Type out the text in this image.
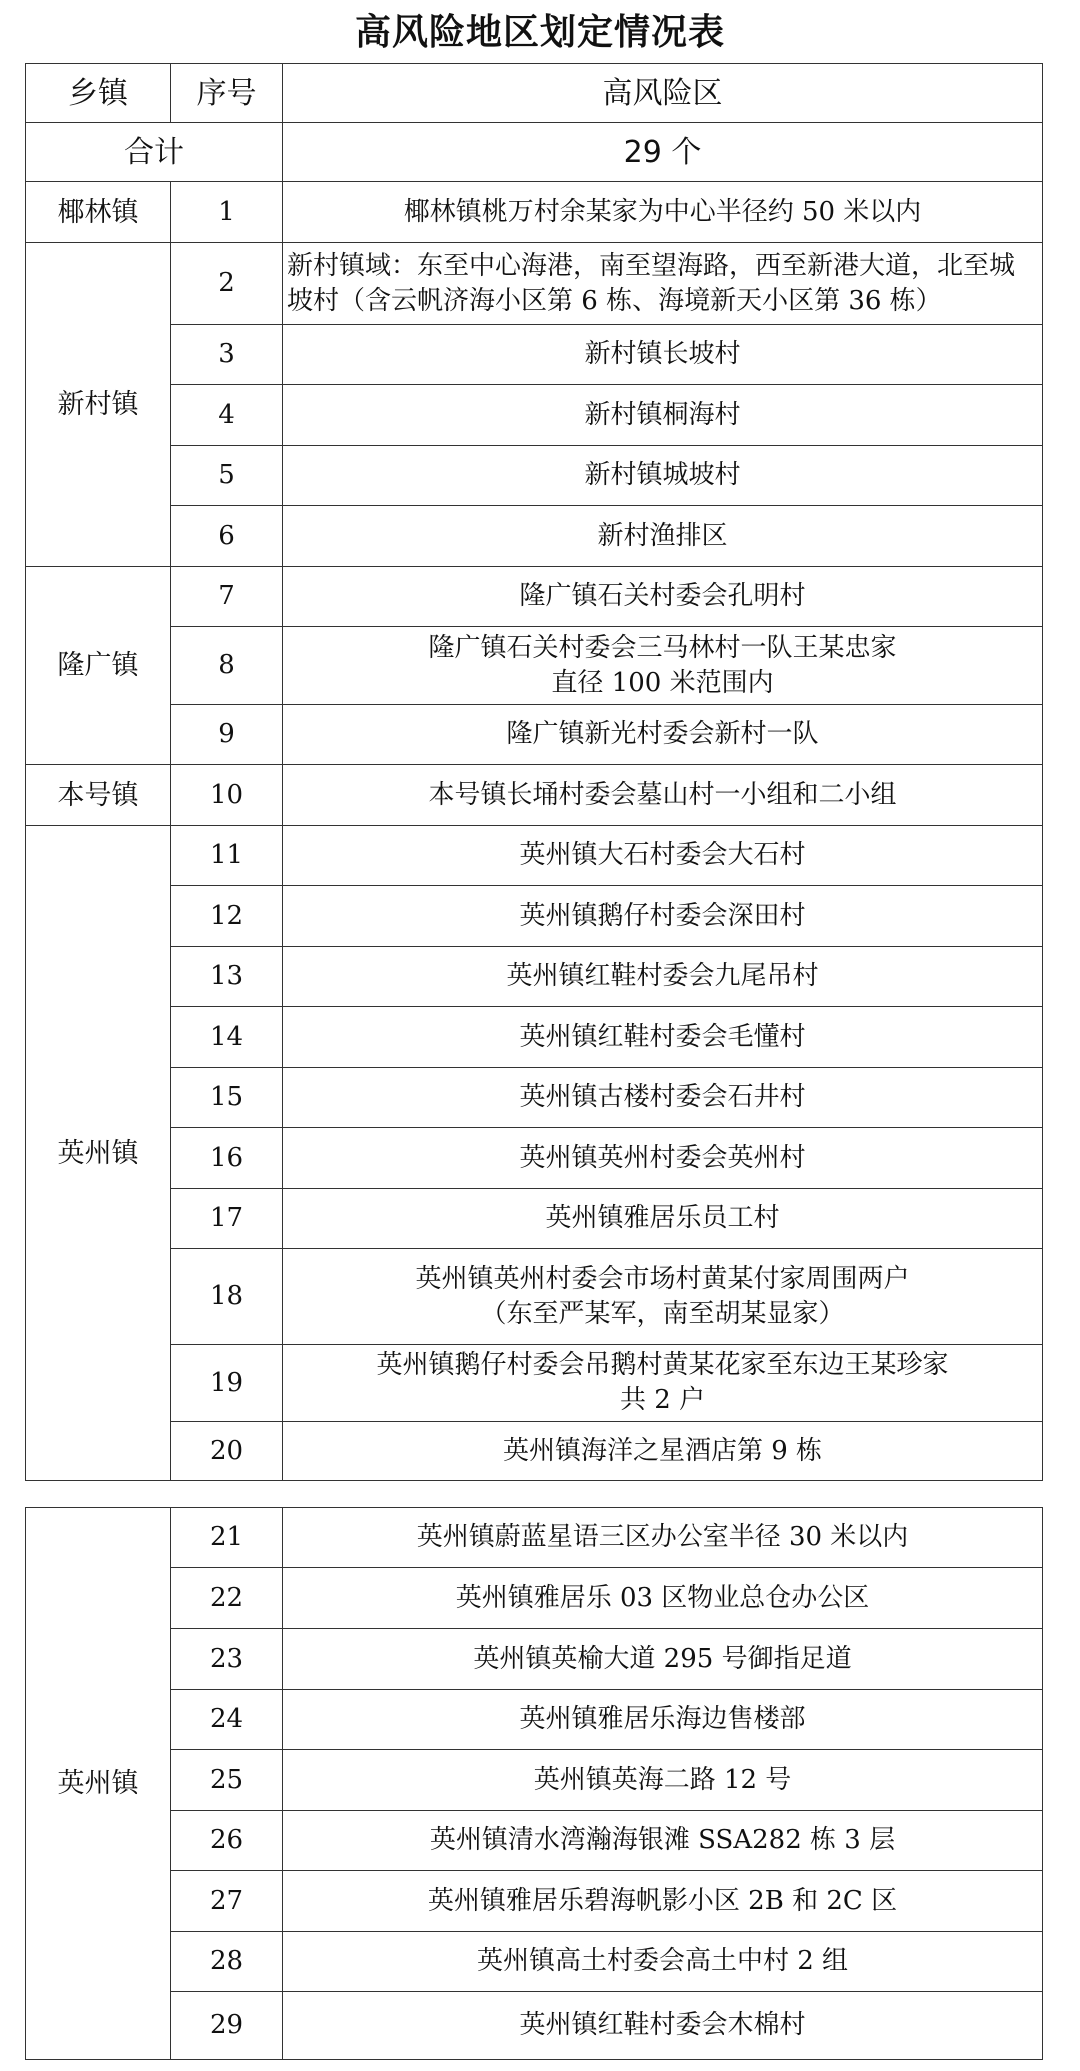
高风险地区划定情况表
乡镇	序号	高风险区
合计		29 个
椰林镇	1	椰林镇桃万村余某家为中心半径约 50 米以内
新村镇	2	新村镇域：东至中心海港，南至望海路，西至新港大道，北至城坡村（含云帆济海小区第 6 栋、海境新天小区第 36 栋）
	3	新村镇长坡村
	4	新村镇桐海村
	5	新村镇城坡村
	6	新村渔排区
隆广镇	7	隆广镇石关村委会孔明村
	8	隆广镇石关村委会三马林村一队王某忠家
直径 100 米范围内
	9	隆广镇新光村委会新村一队
本号镇	10	本号镇长埇村委会墓山村一小组和二小组
英州镇	11	英州镇大石村委会大石村
	12	英州镇鹅仔村委会深田村
	13	英州镇红鞋村委会九尾吊村
	14	英州镇红鞋村委会毛懂村
	15	英州镇古楼村委会石井村
	16	英州镇英州村委会英州村
	17	英州镇雅居乐员工村
	18	英州镇英州村委会市场村黄某付家周围两户
（东至严某军，南至胡某显家）
	19	英州镇鹅仔村委会吊鹅村黄某花家至东边王某珍家
共 2 户
	20	英州镇海洋之星酒店第 9 栋
英州镇	21	英州镇蔚蓝星语三区办公室半径 30 米以内
	22	英州镇雅居乐 03 区物业总仓办公区
	23	英州镇英榆大道 295 号御指足道
	24	英州镇雅居乐海边售楼部
	25	英州镇英海二路 12 号
	26	英州镇清水湾瀚海银滩 SSA282 栋 3 层
	27	英州镇雅居乐碧海帆影小区 2B 和 2C 区
	28	英州镇高土村委会高土中村 2 组
	29	英州镇红鞋村委会木棉村
